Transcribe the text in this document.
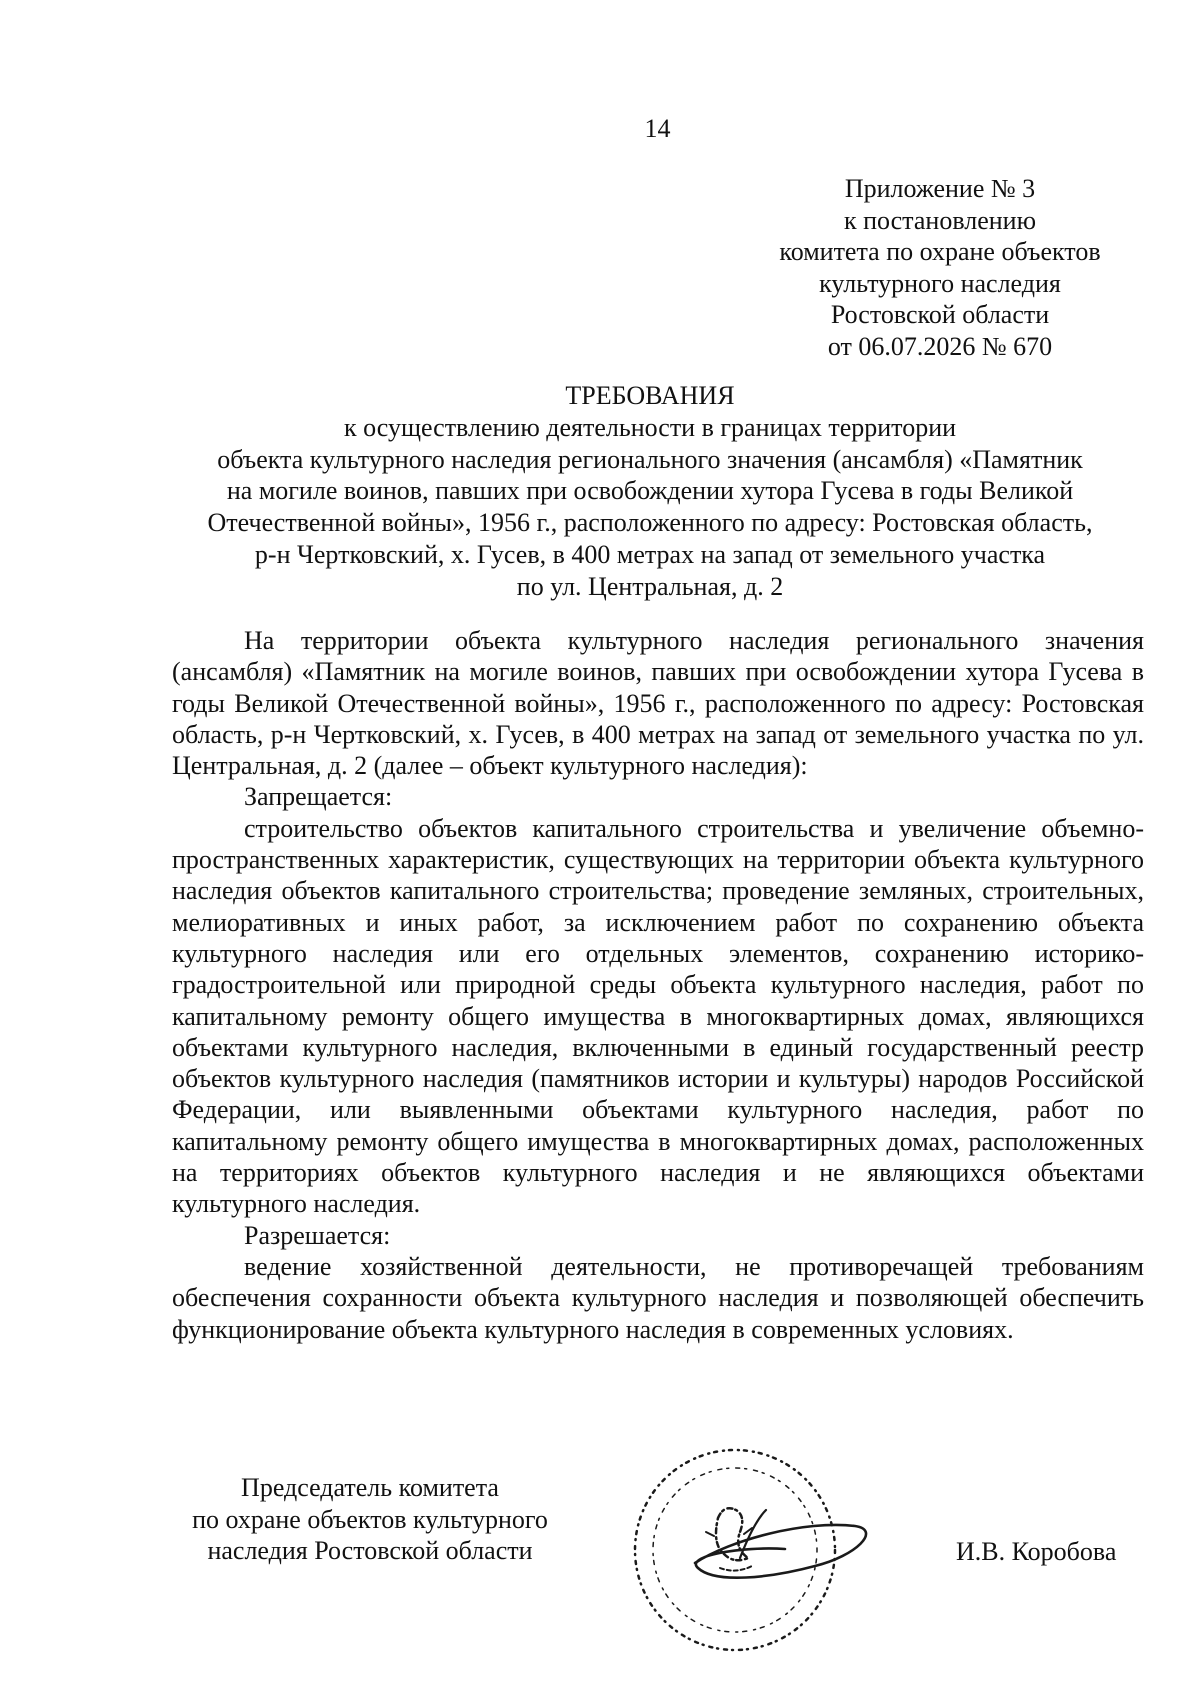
14
Приложение № 3
к постановлению
комитета по охране объектов
культурного наследия
Ростовской области
от 06.07.2026 № 670
ТРЕБОВАНИЯ
к осуществлению деятельности в границах территории
объекта культурного наследия регионального значения (ансамбля) «Памятник
на могиле воинов, павших при освобождении хутора Гусева в годы Великой
Отечественной войны», 1956 г., расположенного по адресу: Ростовская область,
р-н Чертковский, х. Гусев, в 400 метрах на запад от земельного участка
по ул. Центральная, д. 2

На территории объекта культурного наследия регионального значения (ансамбля) «Памятник на могиле воинов, павших при освобождении хутора Гусева в годы Великой Отечественной войны», 1956 г., расположенного по адресу: Ростовская область, р-н Чертковский, х. Гусев, в 400 метрах на запад от земельного участка по ул. Центральная, д. 2 (далее – объект культурного наследия):

Запрещается:

строительство объектов капитального строительства и увеличение объемно-пространственных характеристик, существующих на территории объекта культурного наследия объектов капитального строительства; проведение земляных, строительных, мелиоративных и иных работ, за исключением работ по сохранению объекта культурного наследия или его отдельных элементов, сохранению историко-градостроительной или природной среды объекта культурного наследия, работ по капитальному ремонту общего имущества в многоквартирных домах, являющихся объектами культурного наследия, включенными в единый государственный реестр объектов культурного наследия (памятников истории и культуры) народов Российской Федерации, или выявленными объектами культурного наследия, работ по капитальному ремонту общего имущества в многоквартирных домах, расположенных на территориях объектов культурного наследия и не являющихся объектами культурного наследия.

Разрешается:

ведение хозяйственной деятельности, не противоречащей требованиям обеспечения сохранности объекта культурного наследия и позволяющей обеспечить функционирование объекта культурного наследия в современных условиях.

Председатель комитета
по охране объектов культурного
наследия Ростовской области	И.В. Коробова
